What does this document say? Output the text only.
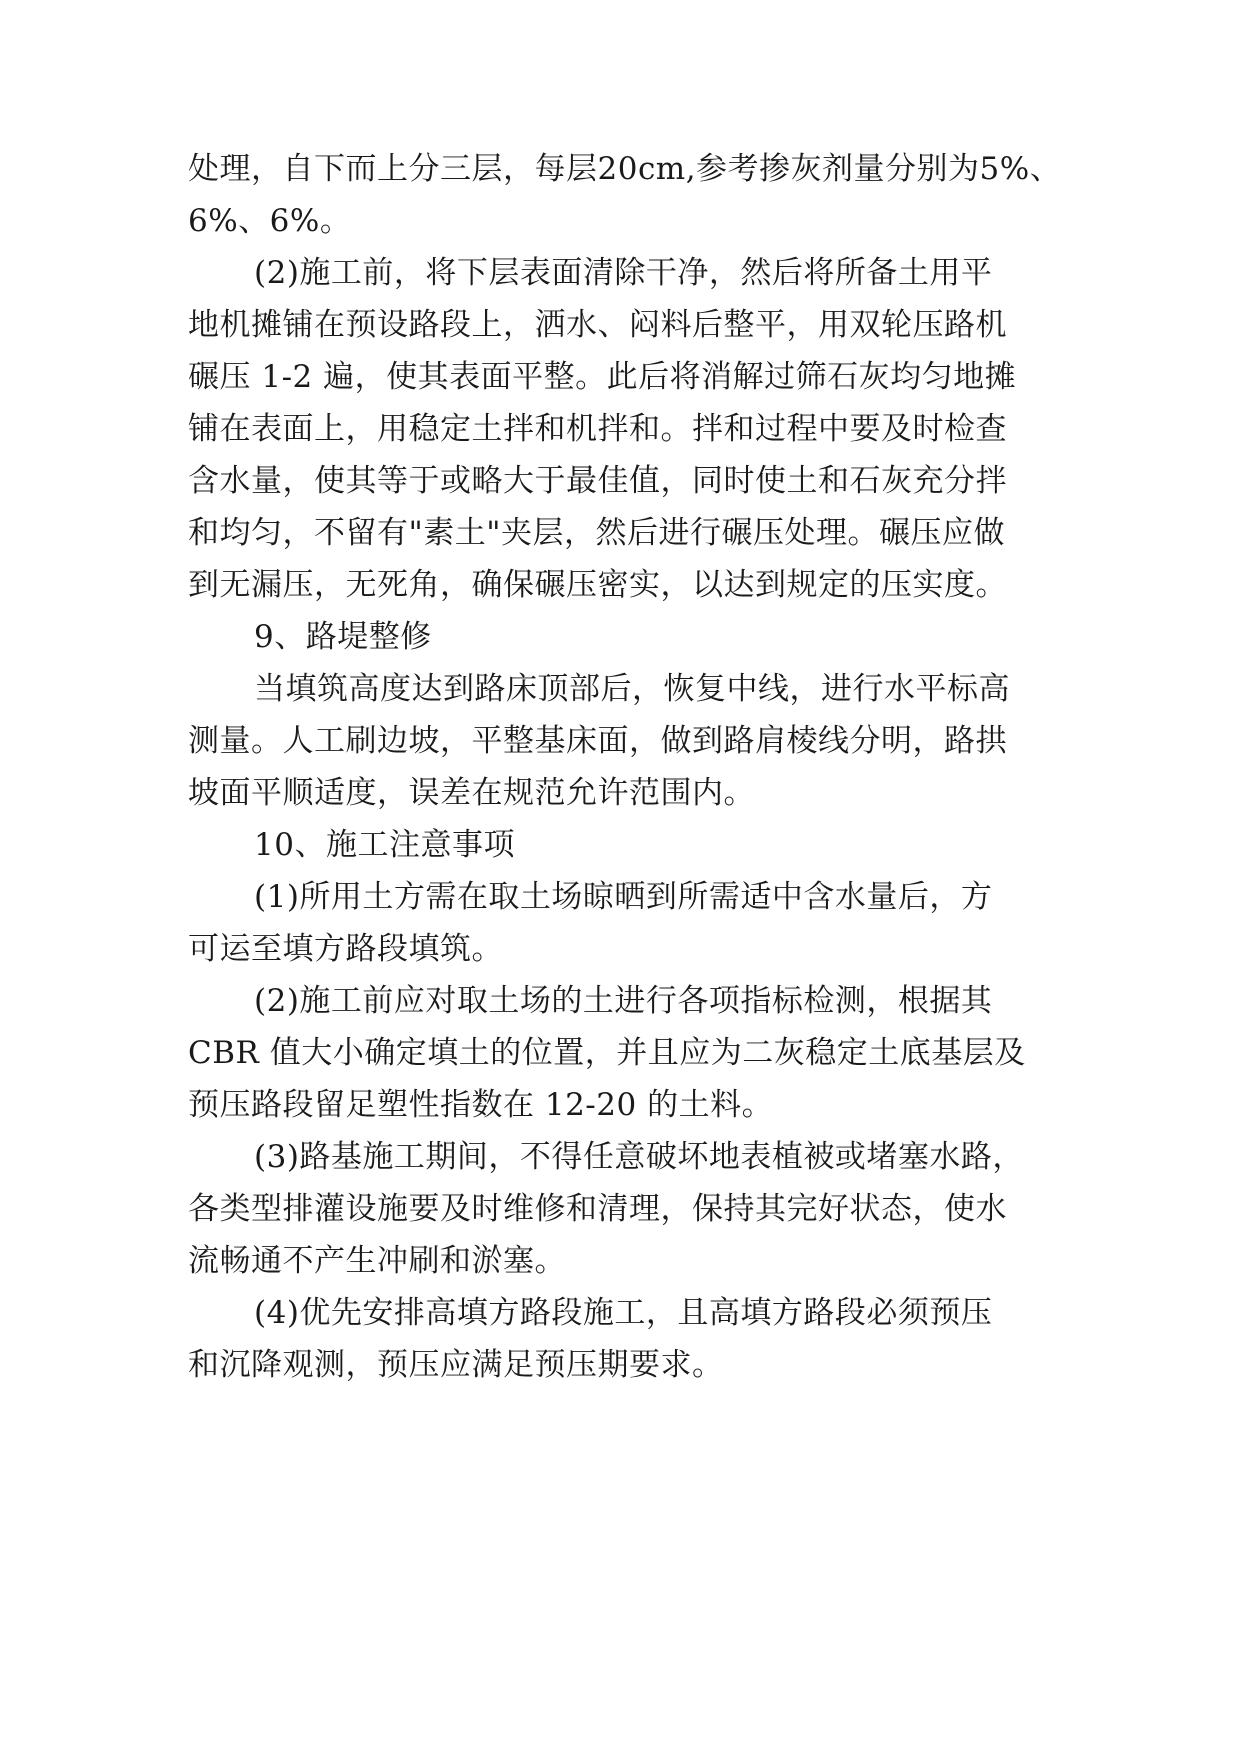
处理，自下而上分三层，每层20cm,参考掺灰剂量分别为5%、
6%、6%。
(2)施工前，将下层表面清除干净，然后将所备土用平
地机摊铺在预设路段上，洒水、闷料后整平，用双轮压路机
碾压 1-2 遍，使其表面平整。此后将消解过筛石灰均匀地摊
铺在表面上，用稳定土拌和机拌和。拌和过程中要及时检查
含水量，使其等于或略大于最佳值，同时使土和石灰充分拌
和均匀，不留有"素土"夹层，然后进行碾压处理。碾压应做
到无漏压，无死角，确保碾压密实，以达到规定的压实度。
9、路堤整修
当填筑高度达到路床顶部后，恢复中线，进行水平标高
测量。人工刷边坡，平整基床面，做到路肩棱线分明，路拱
坡面平顺适度，误差在规范允许范围内。
10、施工注意事项
(1)所用土方需在取土场晾晒到所需适中含水量后，方
可运至填方路段填筑。
(2)施工前应对取土场的土进行各项指标检测，根据其
CBR 值大小确定填土的位置，并且应为二灰稳定土底基层及
预压路段留足塑性指数在 12-20 的土料。
(3)路基施工期间，不得任意破坏地表植被或堵塞水路，
各类型排灌设施要及时维修和清理，保持其完好状态，使水
流畅通不产生冲刷和淤塞。
(4)优先安排高填方路段施工，且高填方路段必须预压
和沉降观测，预压应满足预压期要求。
